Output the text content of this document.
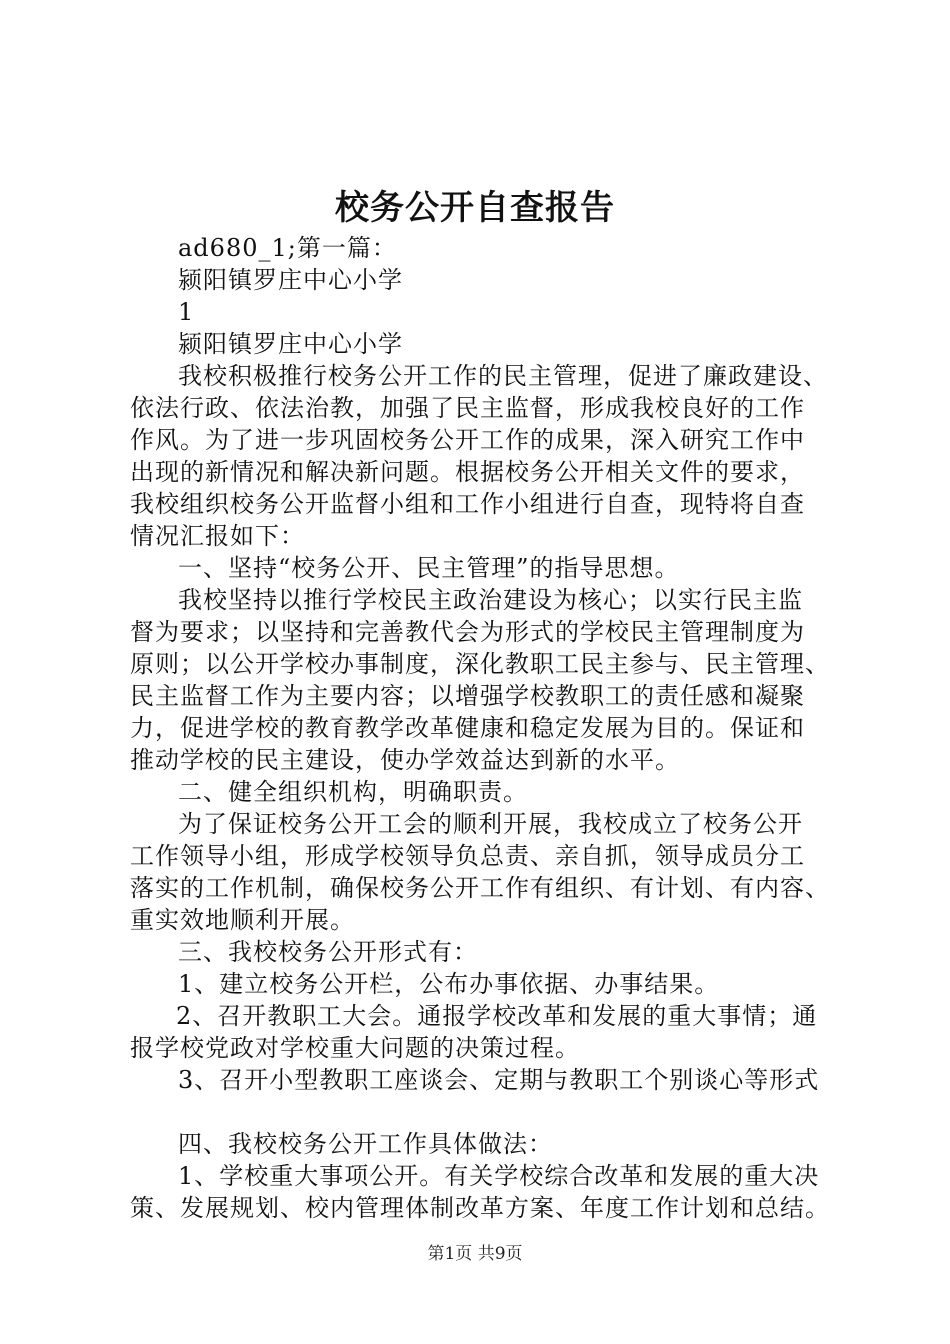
校务公开自查报告
ad680_1;第一篇：
颍阳镇罗庄中心小学
1
颍阳镇罗庄中心小学
我校积极推行校务公开工作的民主管理，促进了廉政建设、
依法行政、依法治教，加强了民主监督，形成我校良好的工作
作风。为了进一步巩固校务公开工作的成果，深入研究工作中
出现的新情况和解决新问题。根据校务公开相关文件的要求，
我校组织校务公开监督小组和工作小组进行自查，现特将自查
情况汇报如下：
一、坚持“校务公开、民主管理”的指导思想。
我校坚持以推行学校民主政治建设为核心；以实行民主监
督为要求；以坚持和完善教代会为形式的学校民主管理制度为
原则；以公开学校办事制度，深化教职工民主参与、民主管理、
民主监督工作为主要内容；以增强学校教职工的责任感和凝聚
力，促进学校的教育教学改革健康和稳定发展为目的。保证和
推动学校的民主建设，使办学效益达到新的水平。
二、健全组织机构，明确职责。
为了保证校务公开工会的顺利开展，我校成立了校务公开
工作领导小组，形成学校领导负总责、亲自抓，领导成员分工
落实的工作机制，确保校务公开工作有组织、有计划、有内容、
重实效地顺利开展。
三、我校校务公开形式有：
1、建立校务公开栏，公布办事依据、办事结果。
2、召开教职工大会。通报学校改革和发展的重大事情；通
报学校党政对学校重大问题的决策过程。
3、召开小型教职工座谈会、定期与教职工个别谈心等形式
四、我校校务公开工作具体做法：
1、学校重大事项公开。有关学校综合改革和发展的重大决
策、发展规划、校内管理体制改革方案、年度工作计划和总结。
第1页 共9页
